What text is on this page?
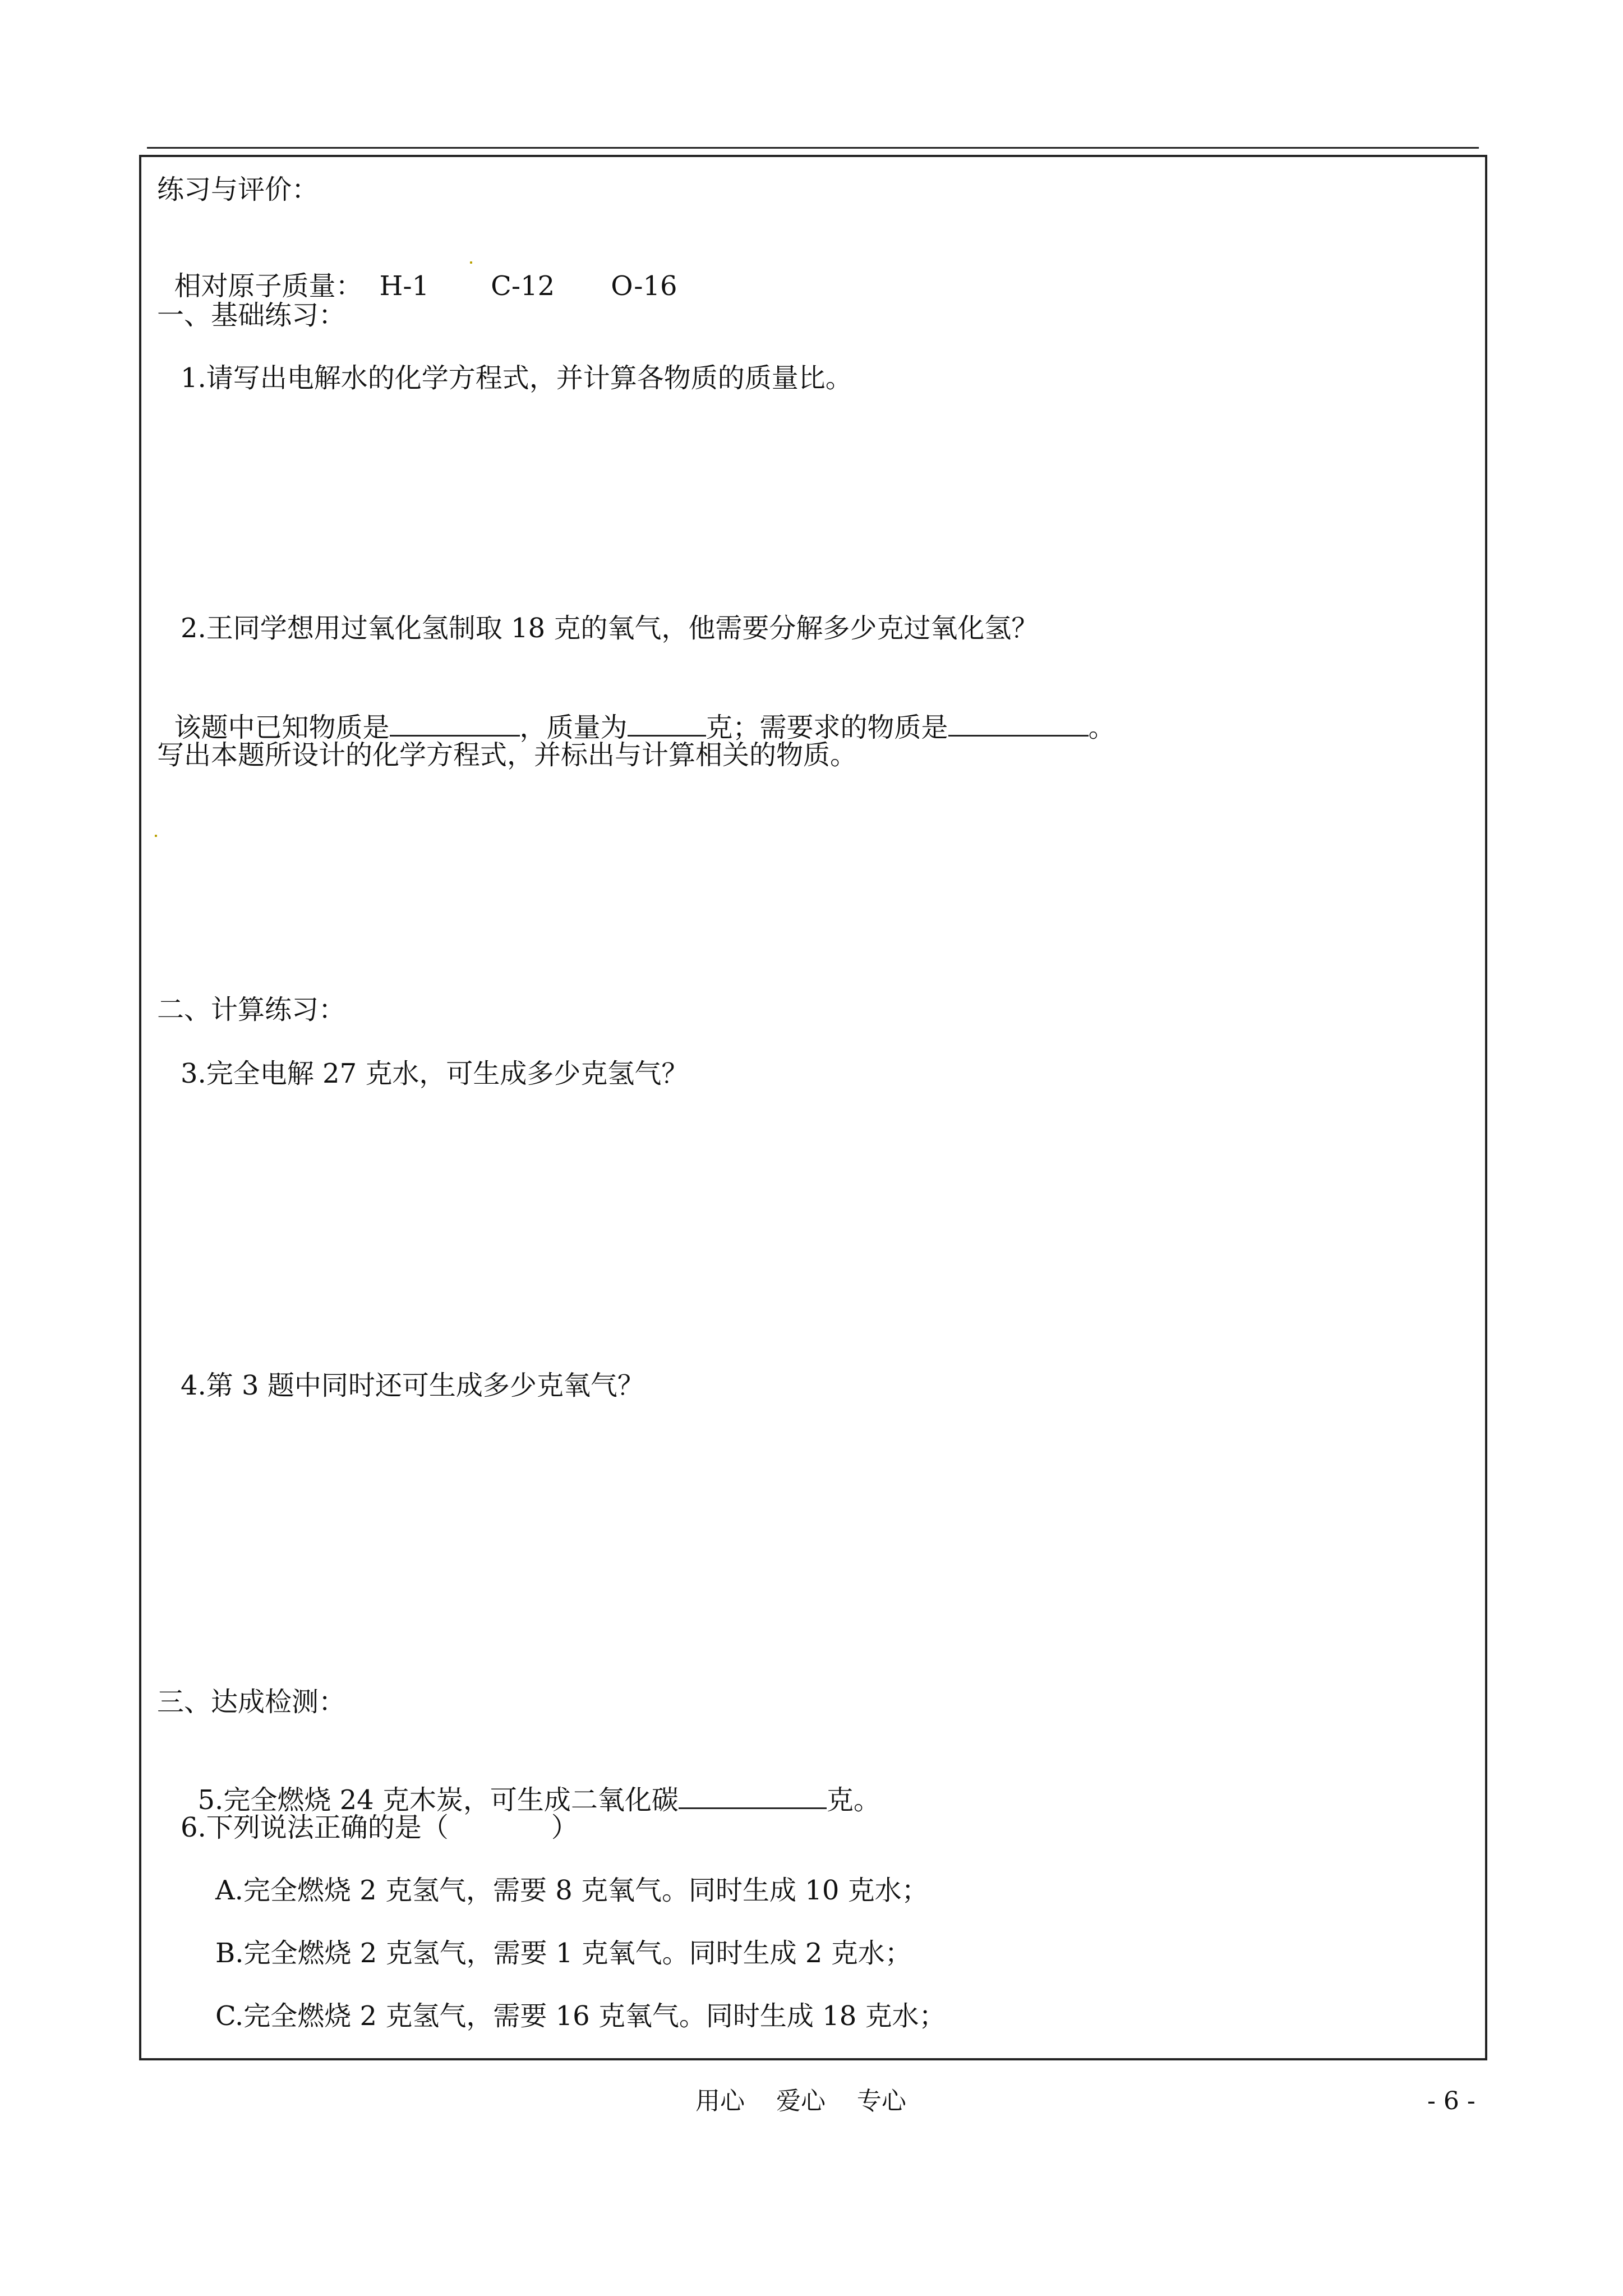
练习与评价：

相对原子质量： H-1 C-12 O-16

一、基础练习：

1.请写出电解水的化学方程式，并计算各物质的质量比。

2.王同学想用过氧化氢制取 18 克的氧气，他需要分解多少克过氧化氢？

该题中已知物质是	，质量为	克；需要求的物质是	。

写出本题所设计的化学方程式，并标出与计算相关的物质。

二、计算练习：

3.完全电解 27 克水，可生成多少克氢气？

4.第 3 题中同时还可生成多少克氧气？

三、达成检测：

5.完全燃烧 24 克木炭，可生成二氧化碳	克。

6.下列说法正确的是（            ）

A.完全燃烧 2 克氢气，需要 8 克氧气。同时生成 10 克水；

B.完全燃烧 2 克氢气，需要 1 克氧气。同时生成 2 克水；

C.完全燃烧 2 克氢气，需要 16 克氧气。同时生成 18 克水；

用心    爱心    专心	- 6 -
